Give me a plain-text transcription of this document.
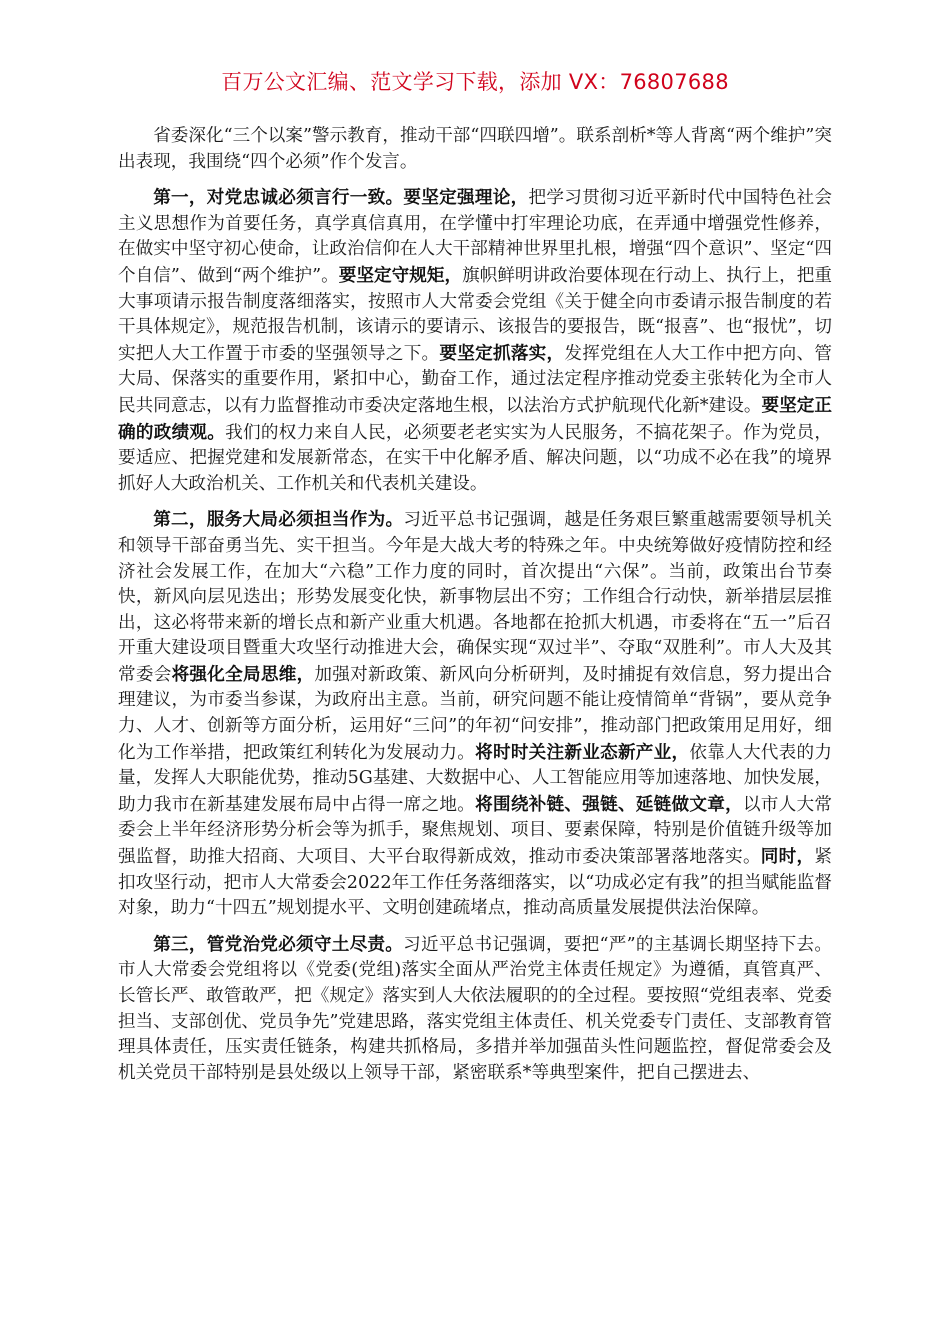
百万公文汇编、范文学习下载，添加 VX：76807688

省委深化“三个以案”警示教育，推动干部“四联四增”。联系剖析*等人背离“两个维护”突出表现，我围绕“四个必须”作个发言。

第一，对党忠诚必须言行一致。要坚定强理论，把学习贯彻习近平新时代中国特色社会主义思想作为首要任务，真学真信真用，在学懂中打牢理论功底，在弄通中增强党性修养，在做实中坚守初心使命，让政治信仰在人大干部精神世界里扎根，增强“四个意识”、坚定“四个自信”、做到“两个维护”。要坚定守规矩，旗帜鲜明讲政治要体现在行动上、执行上，把重大事项请示报告制度落细落实，按照市人大常委会党组《关于健全向市委请示报告制度的若干具体规定》，规范报告机制，该请示的要请示、该报告的要报告，既“报喜”、也“报忧”，切实把人大工作置于市委的坚强领导之下。要坚定抓落实，发挥党组在人大工作中把方向、管大局、保落实的重要作用，紧扣中心，勤奋工作，通过法定程序推动党委主张转化为全市人民共同意志，以有力监督推动市委决定落地生根，以法治方式护航现代化新*建设。要坚定正确的政绩观。我们的权力来自人民，必须要老老实实为人民服务，不搞花架子。作为党员，要适应、把握党建和发展新常态，在实干中化解矛盾、解决问题，以“功成不必在我”的境界抓好人大政治机关、工作机关和代表机关建设。

第二，服务大局必须担当作为。习近平总书记强调，越是任务艰巨繁重越需要领导机关和领导干部奋勇当先、实干担当。今年是大战大考的特殊之年。中央统筹做好疫情防控和经济社会发展工作，在加大“六稳”工作力度的同时，首次提出“六保”。当前，政策出台节奏快，新风向层见迭出；形势发展变化快，新事物层出不穷；工作组合行动快，新举措层层推出，这必将带来新的增长点和新产业重大机遇。各地都在抢抓大机遇，市委将在“五一”后召开重大建设项目暨重大攻坚行动推进大会，确保实现“双过半”、夺取“双胜利”。市人大及其常委会将强化全局思维，加强对新政策、新风向分析研判，及时捕捉有效信息，努力提出合理建议，为市委当参谋，为政府出主意。当前，研究问题不能让疫情简单“背锅”，要从竞争力、人才、创新等方面分析，运用好“三问”的年初“问安排”，推动部门把政策用足用好，细化为工作举措，把政策红利转化为发展动力。将时时关注新业态新产业，依靠人大代表的力量，发挥人大职能优势，推动5G基建、大数据中心、人工智能应用等加速落地、加快发展，助力我市在新基建发展布局中占得一席之地。将围绕补链、强链、延链做文章，以市人大常委会上半年经济形势分析会等为抓手，聚焦规划、项目、要素保障，特别是价值链升级等加强监督，助推大招商、大项目、大平台取得新成效，推动市委决策部署落地落实。同时，紧扣攻坚行动，把市人大常委会2022年工作任务落细落实，以“功成必定有我”的担当赋能监督对象，助力“十四五”规划提水平、文明创建疏堵点，推动高质量发展提供法治保障。

第三，管党治党必须守土尽责。习近平总书记强调，要把“严”的主基调长期坚持下去。市人大常委会党组将以《党委(党组)落实全面从严治党主体责任规定》为遵循，真管真严、长管长严、敢管敢严，把《规定》落实到人大依法履职的的全过程。要按照“党组表率、党委担当、支部创优、党员争先”党建思路，落实党组主体责任、机关党委专门责任、支部教育管理具体责任，压实责任链条，构建共抓格局，多措并举加强苗头性问题监控，督促常委会及机关党员干部特别是县处级以上领导干部，紧密联系*等典型案件，把自己摆进去、
